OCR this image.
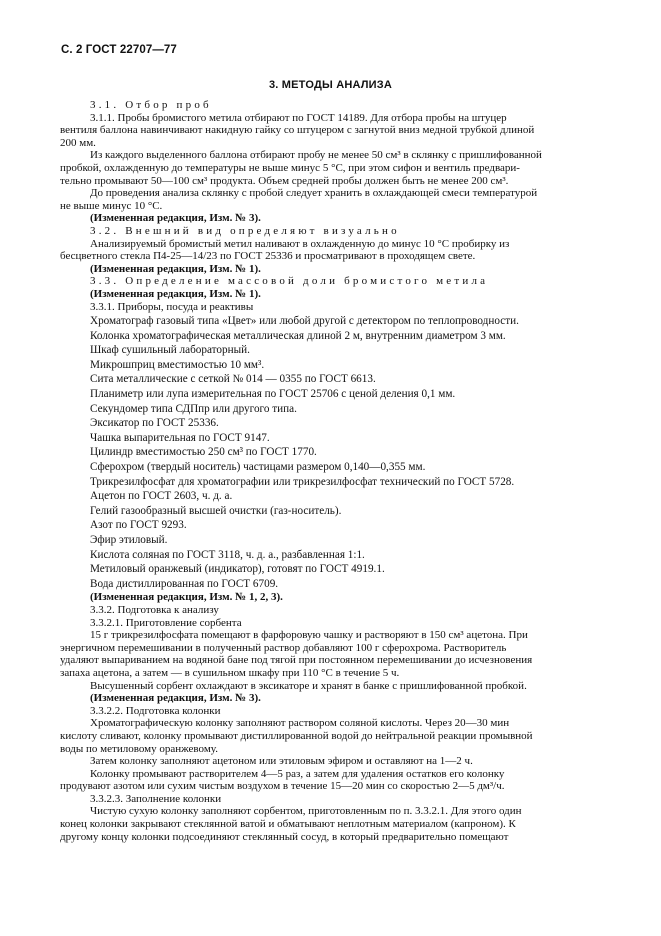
С. 2 ГОСТ 22707—77
3. МЕТОДЫ АНАЛИЗА

3.1. Отбор проб

3.1.1. Пробы бромистого метила отбирают по ГОСТ 14189. Для отбора пробы на штуцер

вентиля баллона навинчивают накидную гайку со штуцером с загнутой вниз медной трубкой длиной

200 мм.

Из каждого выделенного баллона отбирают пробу не менее 50 см³ в склянку с пришлифованной

пробкой, охлажденную до температуры не выше минус 5 °С, при этом сифон и вентиль предвари-

тельно промывают 50—100 см³ продукта. Объем средней пробы должен быть не менее 200 см³.

До проведения анализа склянку с пробой следует хранить в охлаждающей смеси температурой

не выше минус 10 °С.

(Измененная редакция, Изм. № 3).

3.2. Внешний вид определяют визуально

Анализируемый бромистый метил наливают в охлажденную до минус 10 °С пробирку из

бесцветного стекла П4-25—14/23 по ГОСТ 25336 и просматривают в проходящем свете.

(Измененная редакция, Изм. № 1).

3.3. Определение массовой доли бромистого метила

(Измененная редакция, Изм. № 1).

3.3.1. Приборы, посуда и реактивы

Хроматограф газовый типа «Цвет» или любой другой с детектором по теплопроводности.

Колонка хроматографическая металлическая длиной 2 м, внутренним диаметром 3 мм.

Шкаф сушильный лабораторный.

Микрошприц вместимостью 10 мм³.

Сита металлические с сеткой № 014 — 0355 по ГОСТ 6613.

Планиметр или лупа измерительная по ГОСТ 25706 с ценой деления 0,1 мм.

Секундомер типа СДПпр или другого типа.

Эксикатор по ГОСТ 25336.

Чашка выпарительная по ГОСТ 9147.

Цилиндр вместимостью 250 см³ по ГОСТ 1770.

Сферохром (твердый носитель) частицами размером 0,140—0,355 мм.

Трикрезилфосфат для хроматографии или трикрезилфосфат технический по ГОСТ 5728.

Ацетон по ГОСТ 2603, ч. д. а.

Гелий газообразный высшей очистки (газ-носитель).

Азот по ГОСТ 9293.

Эфир этиловый.

Кислота соляная по ГОСТ 3118, ч. д. а., разбавленная 1:1.

Метиловый оранжевый (индикатор), готовят по ГОСТ 4919.1.

Вода дистиллированная по ГОСТ 6709.

(Измененная редакция, Изм. № 1, 2, 3).

3.3.2. Подготовка к анализу

3.3.2.1. Приготовление сорбента

15 г трикрезилфосфата помещают в фарфоровую чашку и растворяют в 150 см³ ацетона. При

энергичном перемешивании в полученный раствор добавляют 100 г сферохрома. Растворитель

удаляют выпариванием на водяной бане под тягой при постоянном перемешивании до исчезновения

запаха ацетона, а затем — в сушильном шкафу при 110 °С в течение 5 ч.

Высушенный сорбент охлаждают в эксикаторе и хранят в банке с пришлифованной пробкой.

(Измененная редакция, Изм. № 3).

3.3.2.2. Подготовка колонки

Хроматографическую колонку заполняют раствором соляной кислоты. Через 20—30 мин

кислоту сливают, колонку промывают дистиллированной водой до нейтральной реакции промывной

воды по метиловому оранжевому.

Затем колонку заполняют ацетоном или этиловым эфиром и оставляют на 1—2 ч.

Колонку промывают растворителем 4—5 раз, а затем для удаления остатков его колонку

продувают азотом или сухим чистым воздухом в течение 15—20 мин со скоростью 2—5 дм³/ч.

3.3.2.3. Заполнение колонки

Чистую сухую колонку заполняют сорбентом, приготовленным по п. 3.3.2.1. Для этого один

конец колонки закрывают стеклянной ватой и обматывают неплотным материалом (капроном). К

другому концу колонки подсоединяют стеклянный сосуд, в который предварительно помещают
